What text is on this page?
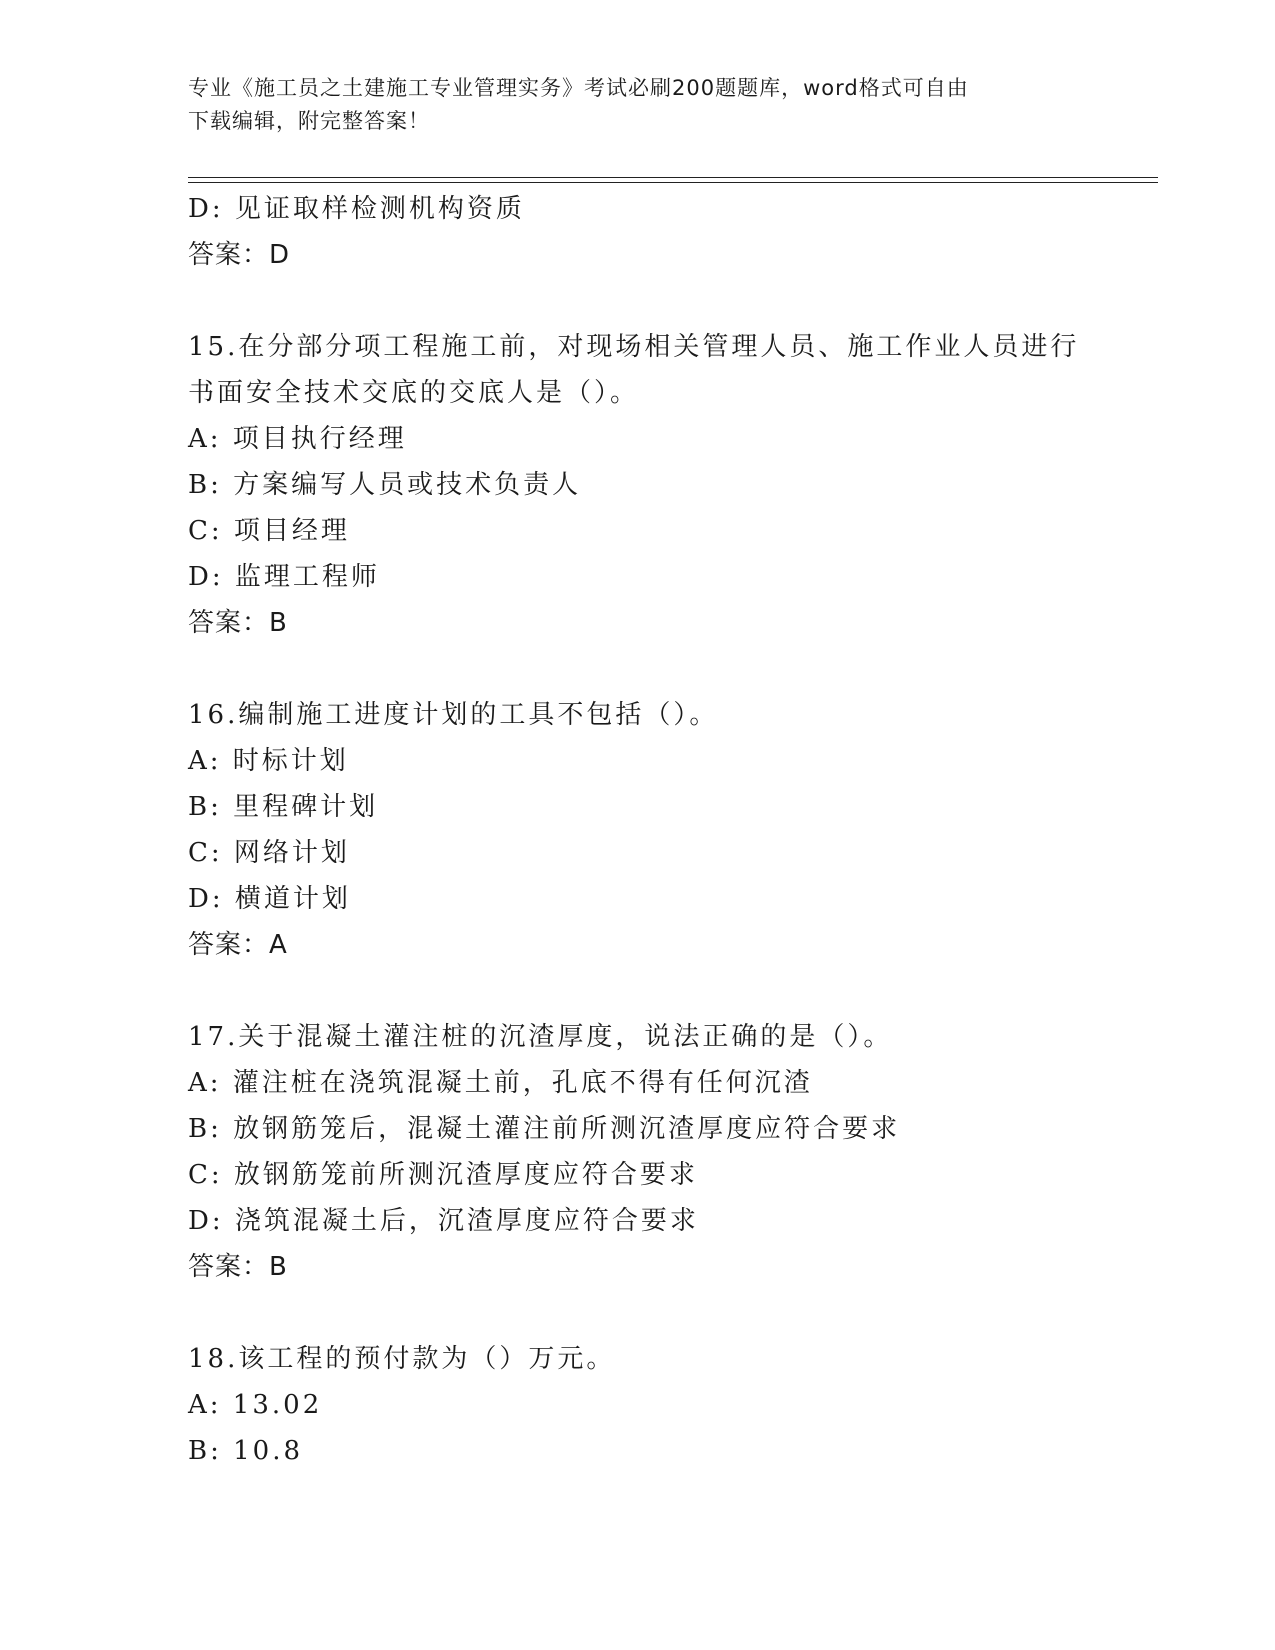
专业《施工员之土建施工专业管理实务》考试必刷200题题库，word格式可自由
下载编辑，附完整答案！
D: 见证取样检测机构资质
答案：D
15.在分部分项工程施工前，对现场相关管理人员、施工作业人员进行
书面安全技术交底的交底人是（）。
A: 项目执行经理
B: 方案编写人员或技术负责人
C: 项目经理
D: 监理工程师
答案：B
16.编制施工进度计划的工具不包括（）。
A: 时标计划
B: 里程碑计划
C: 网络计划
D: 横道计划
答案：A
17.关于混凝土灌注桩的沉渣厚度，说法正确的是（）。
A: 灌注桩在浇筑混凝土前，孔底不得有任何沉渣
B: 放钢筋笼后，混凝土灌注前所测沉渣厚度应符合要求
C: 放钢筋笼前所测沉渣厚度应符合要求
D: 浇筑混凝土后，沉渣厚度应符合要求
答案：B
18.该工程的预付款为（）万元。
A: 13.02
B: 10.8
